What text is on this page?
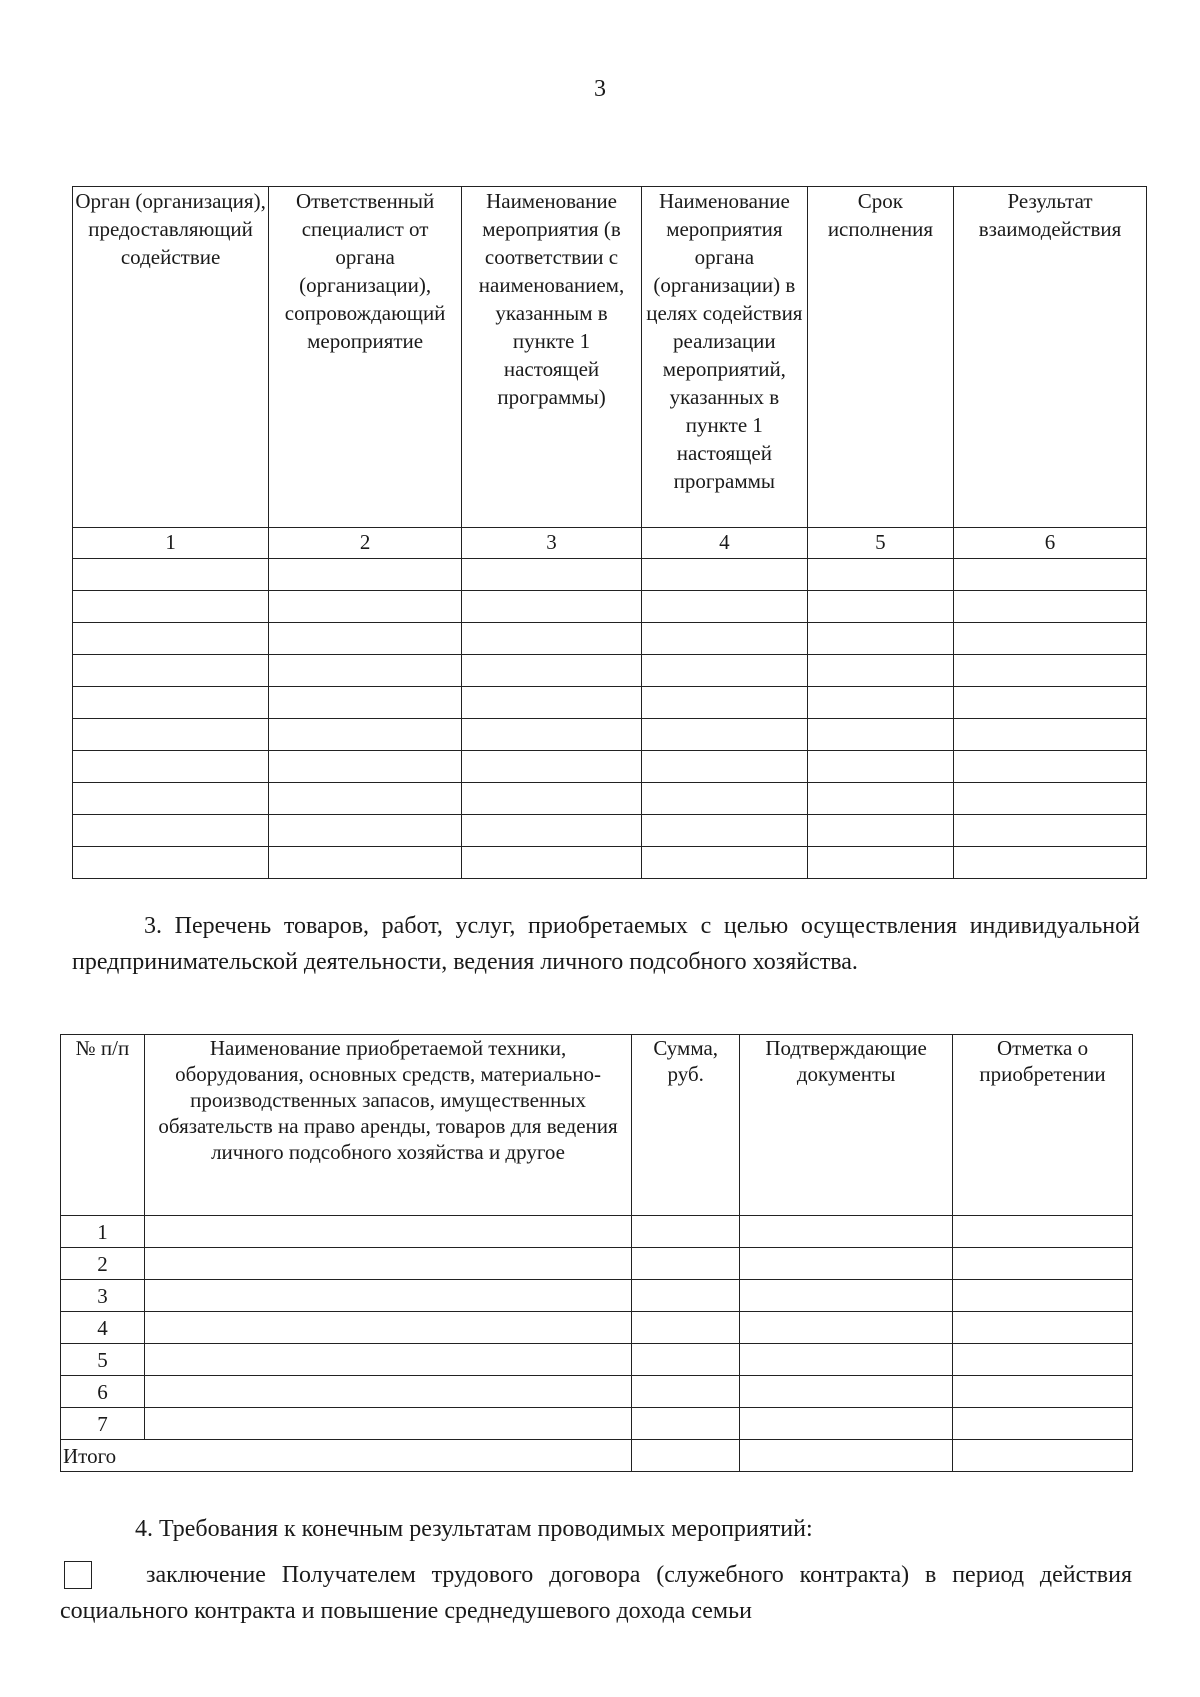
3
Орган (организация), предоставляющий содействие	Ответственный специалист от органа (организации), сопровождающий мероприятие	Наименование мероприятия (в соответствии с наименованием, указанным в пункте 1 настоящей программы)	Наименование мероприятия органа (организации) в целях содействия реализации мероприятий, указанных в пункте 1 настоящей программы	Срок исполнения	Результат взаимодействия
1	2	3	4	5	6

3. Перечень товаров, работ, услуг, приобретаемых с целью осуществления индивидуальной предпринимательской деятельности, ведения личного подсобного хозяйства.
№ п/п	Наименование приобретаемой техники, оборудования, основных средств, материально-производственных запасов, имущественных обязательств на право аренды, товаров для ведения личного подсобного хозяйства и другое	Сумма, руб.	Подтверждающие документы	Отметка о приобретении
1				
2				
3				
4				
5				
6				
7				
Итого				
4. Требования к конечным результатам проводимых мероприятий:
заключение Получателем трудового договора (служебного контракта) в период действия социального контракта и повышение среднедушевого дохода семьи
